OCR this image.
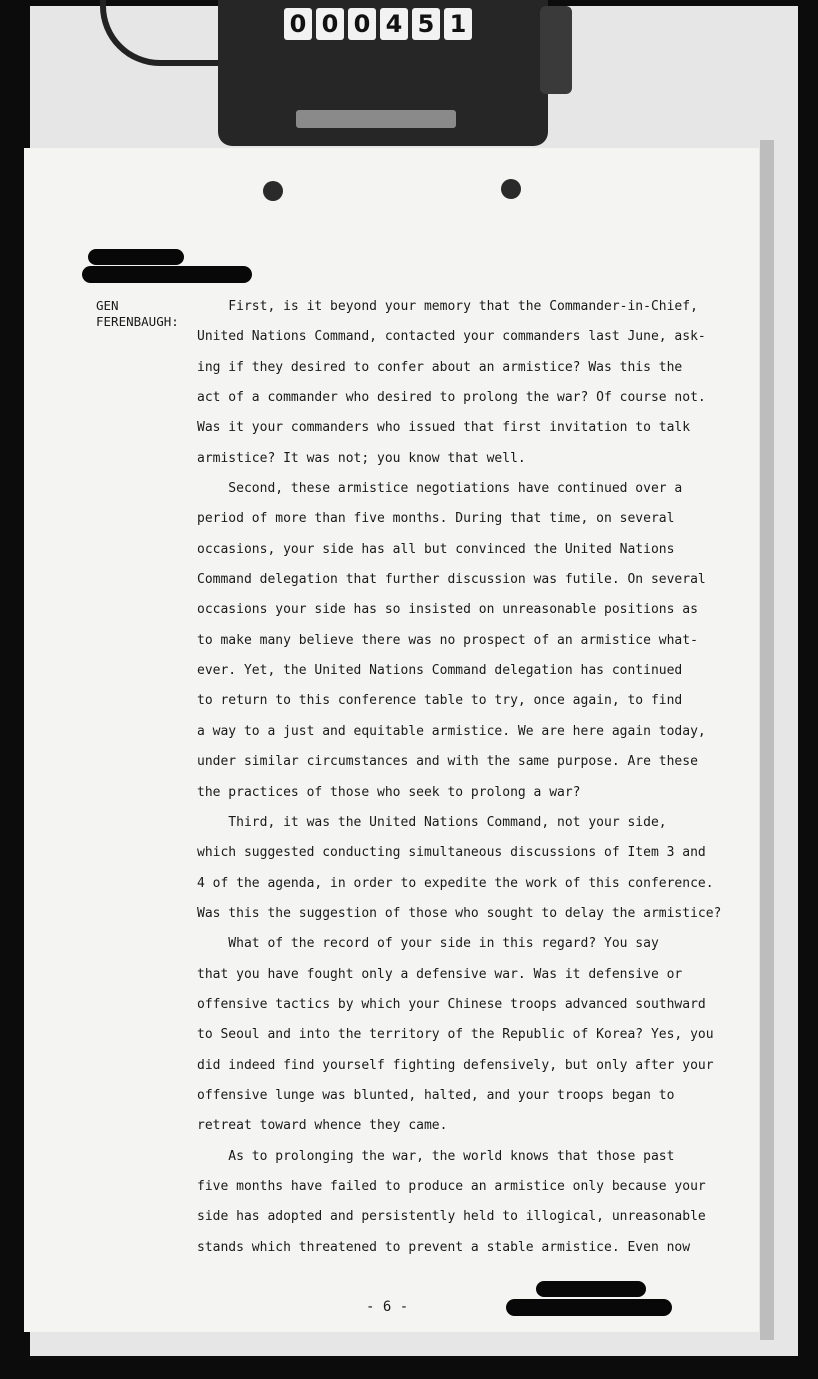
0 0 0 4 5 1
GEN
FERENBAUGH:
First, is it beyond your memory that the Commander-in-Chief,
United Nations Command, contacted your commanders last June, ask-
ing if they desired to confer about an armistice? Was this the
act of a commander who desired to prolong the war? Of course not.
Was it your commanders who issued that first invitation to talk
armistice? It was not; you know that well.
Second, these armistice negotiations have continued over a
period of more than five months. During that time, on several
occasions, your side has all but convinced the United Nations
Command delegation that further discussion was futile. On several
occasions your side has so insisted on unreasonable positions as
to make many believe there was no prospect of an armistice what-
ever. Yet, the United Nations Command delegation has continued
to return to this conference table to try, once again, to find
a way to a just and equitable armistice. We are here again today,
under similar circumstances and with the same purpose. Are these
the practices of those who seek to prolong a war?
Third, it was the United Nations Command, not your side,
which suggested conducting simultaneous discussions of Item 3 and
4 of the agenda, in order to expedite the work of this conference.
Was this the suggestion of those who sought to delay the armistice?
What of the record of your side in this regard? You say
that you have fought only a defensive war. Was it defensive or
offensive tactics by which your Chinese troops advanced southward
to Seoul and into the territory of the Republic of Korea? Yes, you
did indeed find yourself fighting defensively, but only after your
offensive lunge was blunted, halted, and your troops began to
retreat toward whence they came.
As to prolonging the war, the world knows that those past
five months have failed to produce an armistice only because your
side has adopted and persistently held to illogical, unreasonable
stands which threatened to prevent a stable armistice. Even now
- 6 -
